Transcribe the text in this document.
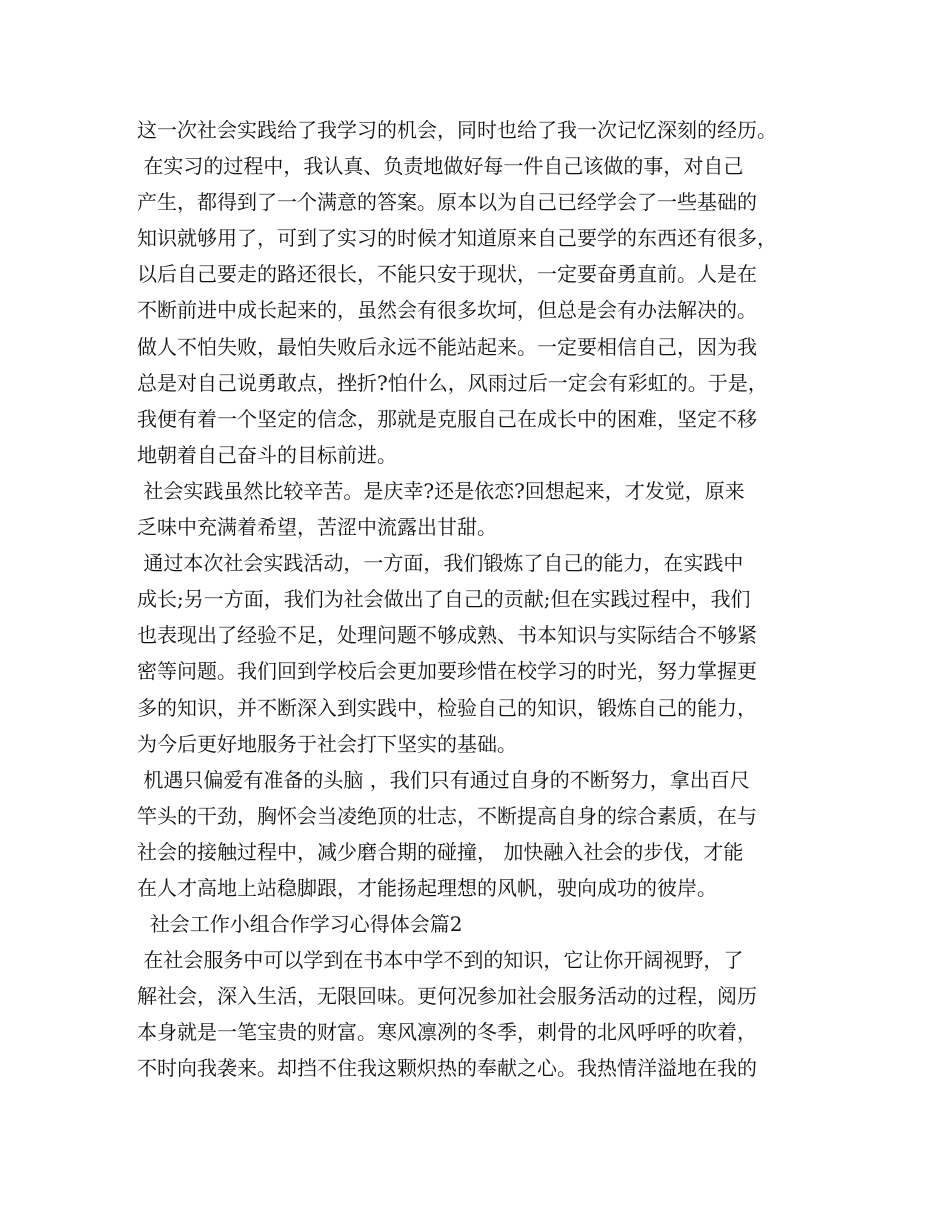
这一次社会实践给了我学习的机会，同时也给了我一次记忆深刻的经历。
在实习的过程中，我认真、负责地做好每一件自己该做的事，对自己
产生，都得到了一个满意的答案。原本以为自己已经学会了一些基础的
知识就够用了，可到了实习的时候才知道原来自己要学的东西还有很多，
以后自己要走的路还很长，不能只安于现状，一定要奋勇直前。人是在
不断前进中成长起来的，虽然会有很多坎坷，但总是会有办法解决的。
做人不怕失败，最怕失败后永远不能站起来。一定要相信自己，因为我
总是对自己说勇敢点，挫折?怕什么，风雨过后一定会有彩虹的。于是，
我便有着一个坚定的信念，那就是克服自己在成长中的困难，坚定不移
地朝着自己奋斗的目标前进。
社会实践虽然比较辛苦。是庆幸?还是依恋?回想起来，才发觉，原来
乏味中充满着希望，苦涩中流露出甘甜。
通过本次社会实践活动，一方面，我们锻炼了自己的能力，在实践中
成长;另一方面，我们为社会做出了自己的贡献;但在实践过程中，我们
也表现出了经验不足，处理问题不够成熟、书本知识与实际结合不够紧
密等问题。我们回到学校后会更加要珍惜在校学习的时光，努力掌握更
多的知识，并不断深入到实践中，检验自己的知识，锻炼自己的能力，
为今后更好地服务于社会打下坚实的基础。
机遇只偏爱有准备的头脑 ，我们只有通过自身的不断努力，拿出百尺
竿头的干劲，胸怀会当凌绝顶的壮志，不断提高自身的综合素质，在与
社会的接触过程中，减少磨合期的碰撞， 加快融入社会的步伐，才能
在人才高地上站稳脚跟，才能扬起理想的风帆，驶向成功的彼岸。
社会工作小组合作学习心得体会篇2
在社会服务中可以学到在书本中学不到的知识，它让你开阔视野，了
解社会，深入生活，无限回味。更何况参加社会服务活动的过程，阅历
本身就是一笔宝贵的财富。寒风凛冽的冬季，刺骨的北风呼呼的吹着，
不时向我袭来。却挡不住我这颗炽热的奉献之心。我热情洋溢地在我的
